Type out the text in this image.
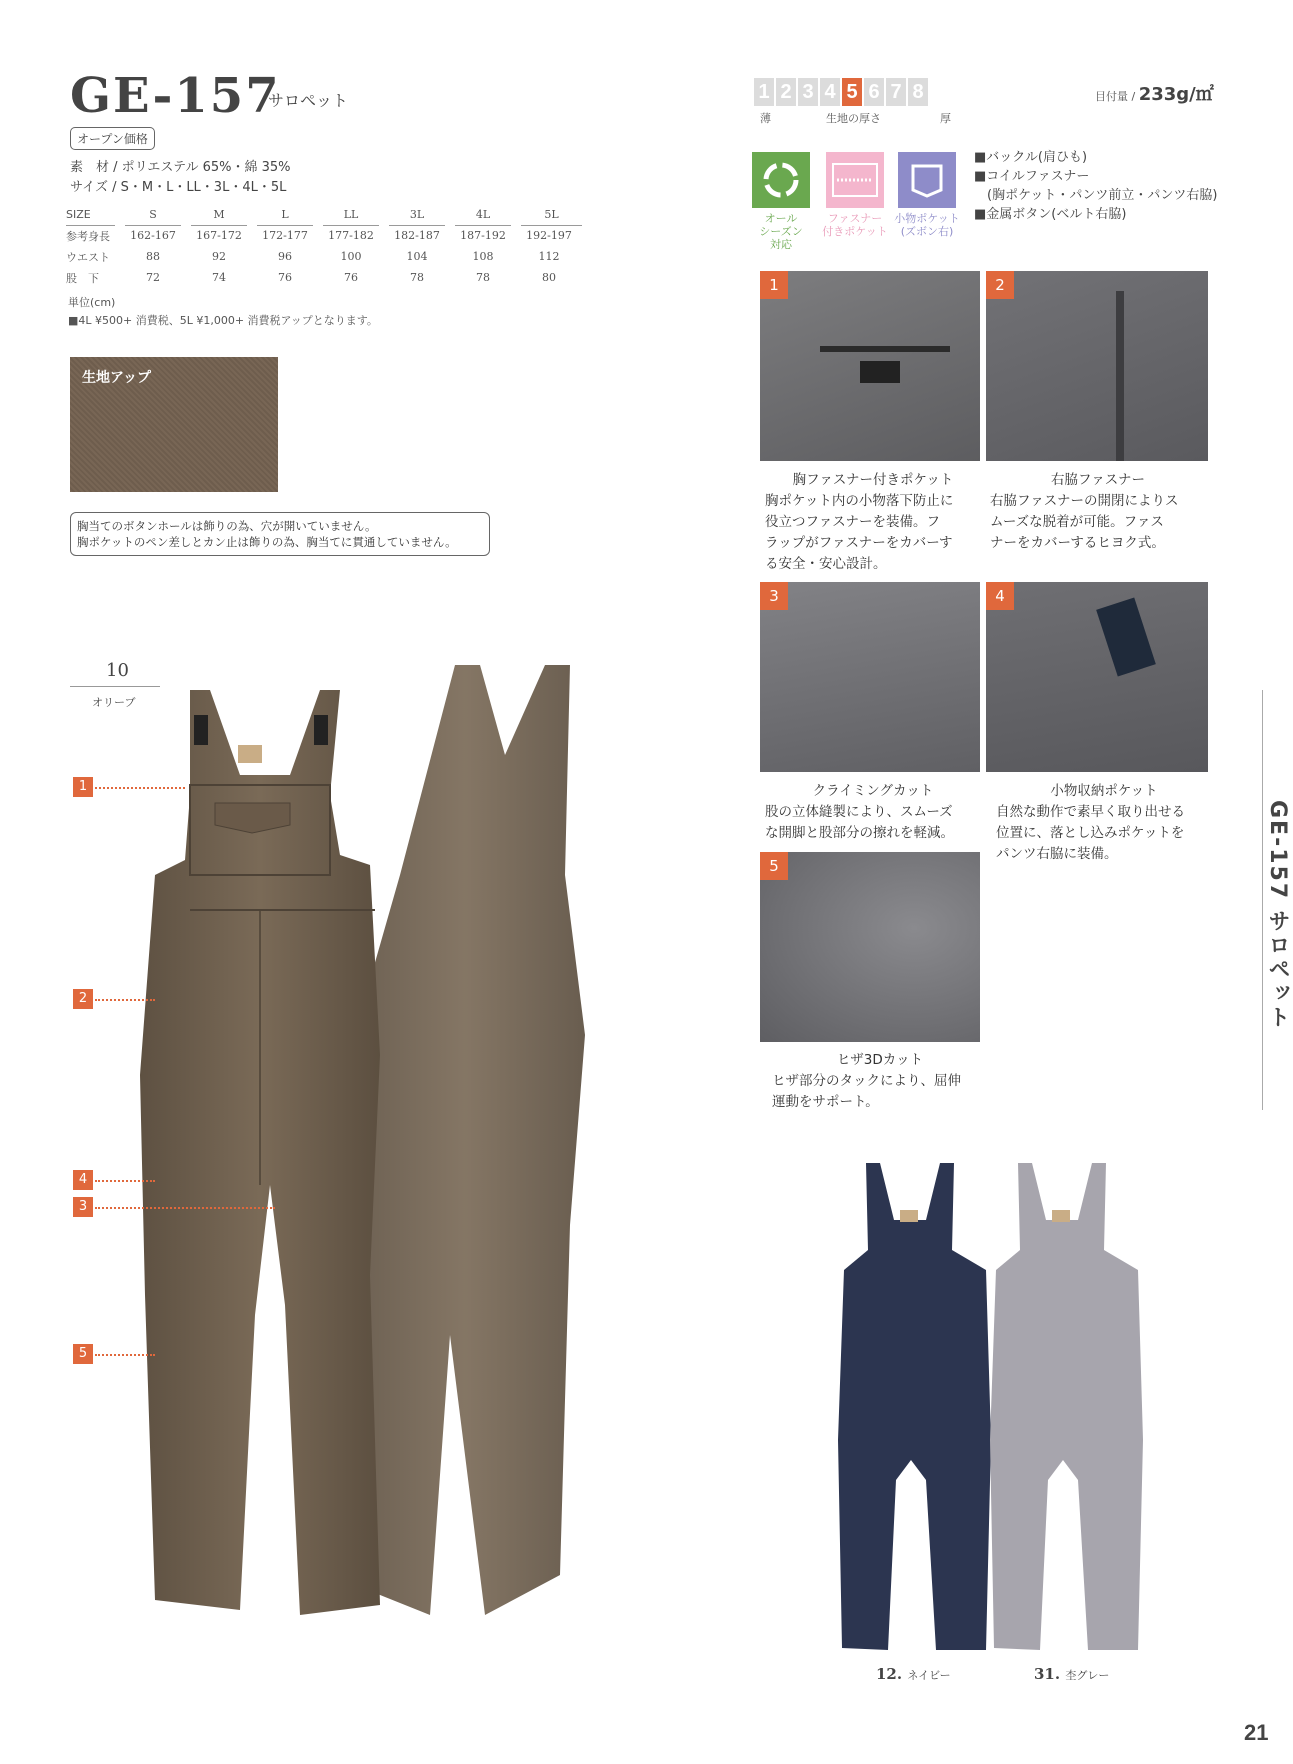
GE-157
サロペット
オープン価格
素　材 / ポリエステル 65%・綿 35%
サイズ / S・M・L・LL・3L・4L・5L
SIZE	S	M	L	LL	3L	4L	5L
参考身長	162-167	167-172	172-177	177-182	182-187	187-192	192-197
ウエスト	88	92	96	100	104	108	112
股　下	72	74	76	76	78	78	80
単位(cm)
■4L ¥500+ 消費税、5L ¥1,000+ 消費税アップとなります。
生地アップ
胸当てのボタンホールは飾りの為、穴が開いていません。
胸ポケットのペン差しとカン止は飾りの為、胸当てに貫通していません。
10
オリーブ
1
2
4
3
5
1 2 3 4 5 6 7 8
薄	生地の厚さ	厚
目付量 / 233g/㎡
オール
シーズン
対応
ファスナー
付きポケット
小物ポケット
(ズボン右)
■バックル(肩ひも)
■コイルファスナー
　(胸ポケット・パンツ前立・パンツ右脇)
■金属ボタン(ベルト右脇)
1	2
胸ファスナー付きポケット
胸ポケット内の小物落下防止に
役立つファスナーを装備。フ
ラップがファスナーをカバーす
る安全・安心設計。
右脇ファスナー
右脇ファスナーの開閉によりス
ムーズな脱着が可能。ファス
ナーをカバーするヒヨク式。
3	4
クライミングカット
股の立体縫製により、スムーズ
な開脚と股部分の擦れを軽減。
小物収納ポケット
自然な動作で素早く取り出せる
位置に、落とし込みポケットを
パンツ右脇に装備。
5
ヒザ3Dカット
ヒザ部分のタックにより、屈伸
運動をサポート。
12. ネイビー	31. 杢グレー
GE-157 サロペット
21
